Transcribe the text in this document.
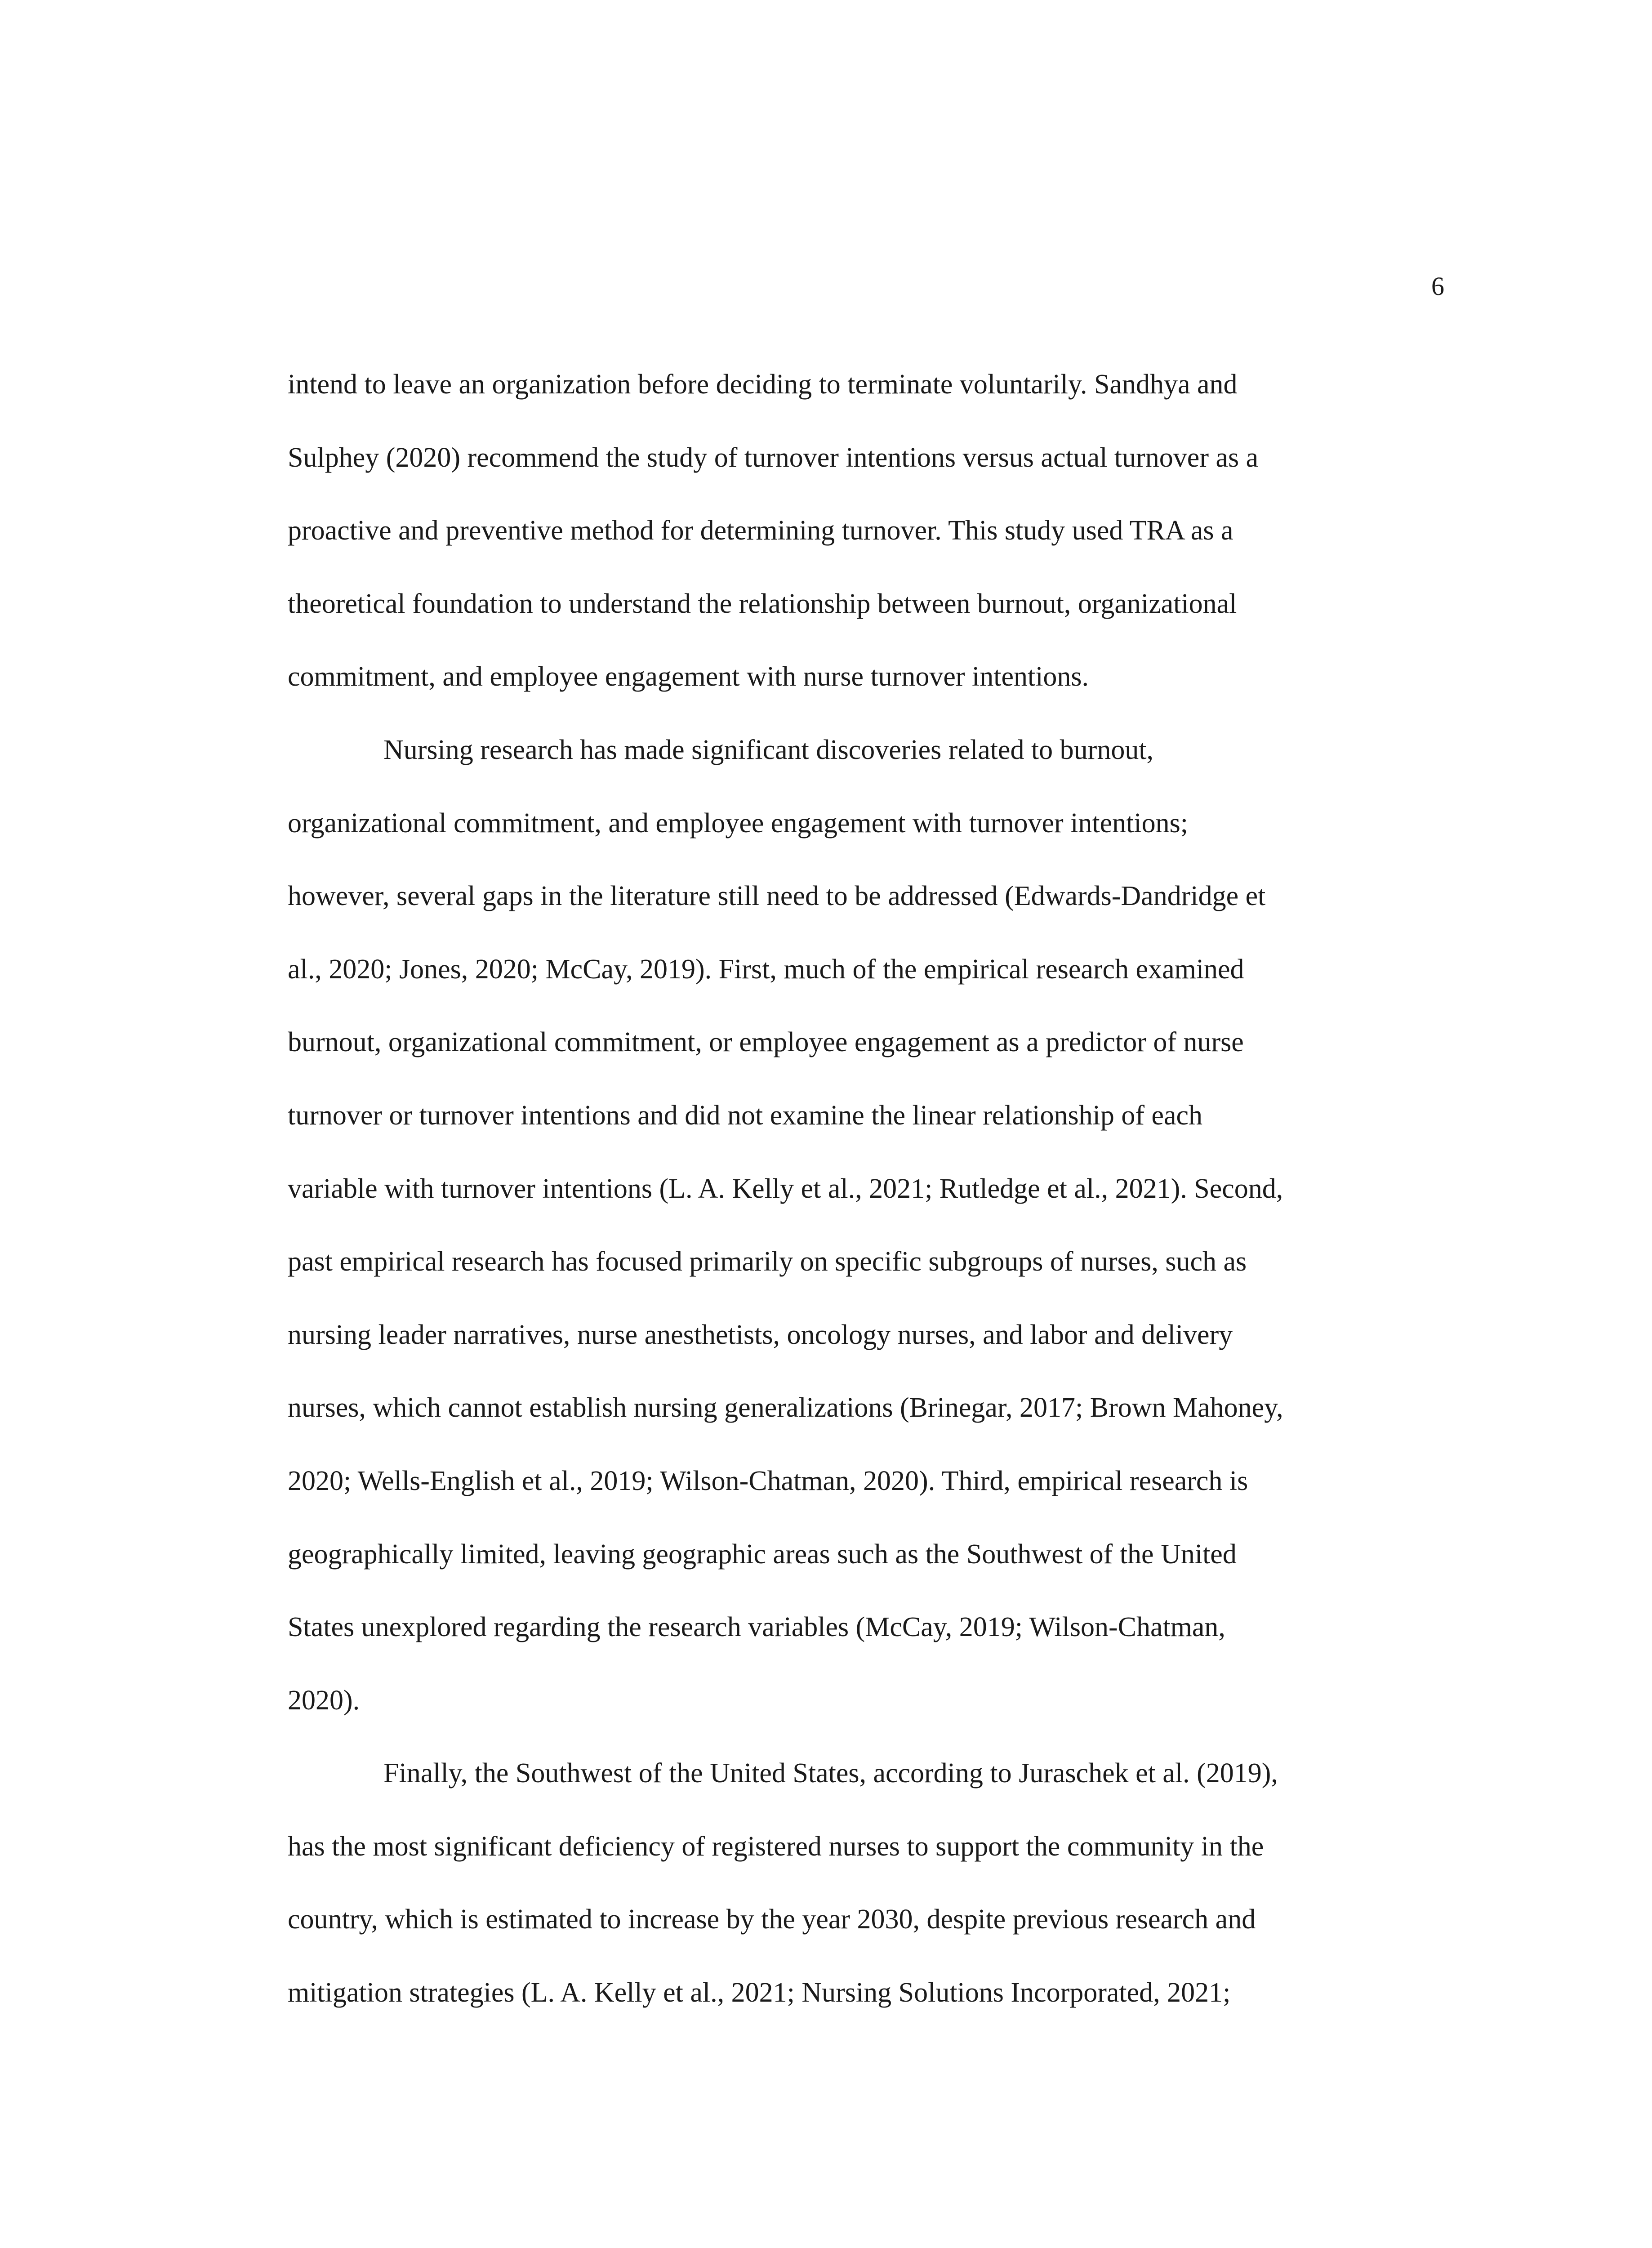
6
intend to leave an organization before deciding to terminate voluntarily. Sandhya and
Sulphey (2020) recommend the study of turnover intentions versus actual turnover as a
proactive and preventive method for determining turnover. This study used TRA as a
theoretical foundation to understand the relationship between burnout, organizational
commitment, and employee engagement with nurse turnover intentions.
Nursing research has made significant discoveries related to burnout,
organizational commitment, and employee engagement with turnover intentions;
however, several gaps in the literature still need to be addressed (Edwards-Dandridge et
al., 2020; Jones, 2020; McCay, 2019). First, much of the empirical research examined
burnout, organizational commitment, or employee engagement as a predictor of nurse
turnover or turnover intentions and did not examine the linear relationship of each
variable with turnover intentions (L. A. Kelly et al., 2021; Rutledge et al., 2021). Second,
past empirical research has focused primarily on specific subgroups of nurses, such as
nursing leader narratives, nurse anesthetists, oncology nurses, and labor and delivery
nurses, which cannot establish nursing generalizations (Brinegar, 2017; Brown Mahoney,
2020; Wells-English et al., 2019; Wilson-Chatman, 2020). Third, empirical research is
geographically limited, leaving geographic areas such as the Southwest of the United
States unexplored regarding the research variables (McCay, 2019; Wilson-Chatman,
2020).
Finally, the Southwest of the United States, according to Juraschek et al. (2019),
has the most significant deficiency of registered nurses to support the community in the
country, which is estimated to increase by the year 2030, despite previous research and
mitigation strategies (L. A. Kelly et al., 2021; Nursing Solutions Incorporated, 2021;
